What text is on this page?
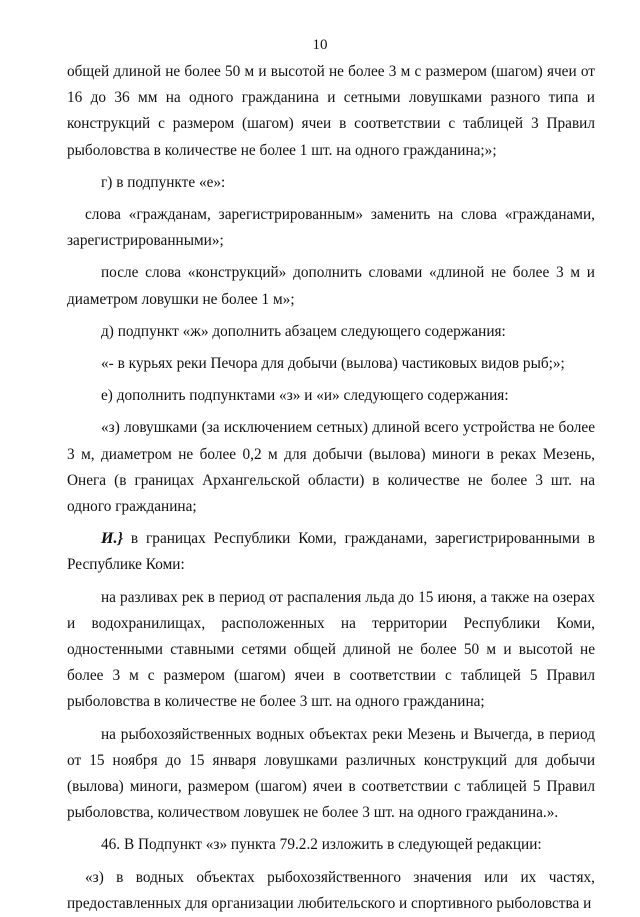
10

общей длиной не более 50 м и высотой не более 3 м с размером (шагом) ячеи от 16 до 36 мм на одного гражданина и сетными ловушками разного типа и конструкций с размером (шагом) ячеи в соответствии с таблицей 3 Правил рыболовства в количестве не более 1 шт. на одного гражданина;»;

г) в подпункте «е»:

слова «гражданам, зарегистрированным» заменить на слова «гражданами, зарегистрированными»;

после слова «конструкций» дополнить словами «длиной не более 3 м и диаметром ловушки не более 1 м»;

д) подпункт «ж» дополнить абзацем следующего содержания:

«- в курьях реки Печора для добычи (вылова) частиковых видов рыб;»;

е) дополнить подпунктами «з» и «и» следующего содержания:

«з) ловушками (за исключением сетных) длиной всего устройства не более 3 м, диаметром не более 0,2 м для добычи (вылова) миноги в реках Мезень, Онега (в границах Архангельской области) в количестве не более 3 шт. на одного гражданина;

И.} в границах Республики Коми, гражданами, зарегистрированными в Республике Коми:

на разливах рек в период от распаления льда до 15 июня, а также на озерах и водохранилищах, расположенных на территории Республики Коми, одностенными ставными сетями общей длиной не более 50 м и высотой не более 3 м с размером (шагом) ячеи в соответствии с таблицей 5 Правил рыболовства в количестве не более 3 шт. на одного гражданина;

на рыбохозяйственных водных объектах реки Мезень и Вычегда, в период от 15 ноября до 15 января ловушками различных конструкций для добычи (вылова) миноги, размером (шагом) ячеи в соответствии с таблицей 5 Правил рыболовства, количеством ловушек не более 3 шт. на одного гражданина.».

46. В Подпункт «з» пункта 79.2.2 изложить в следующей редакции:

«з) в водных объектах рыбохозяйственного значения или их частях, предоставленных для организации любительского и спортивного рыболовства и
